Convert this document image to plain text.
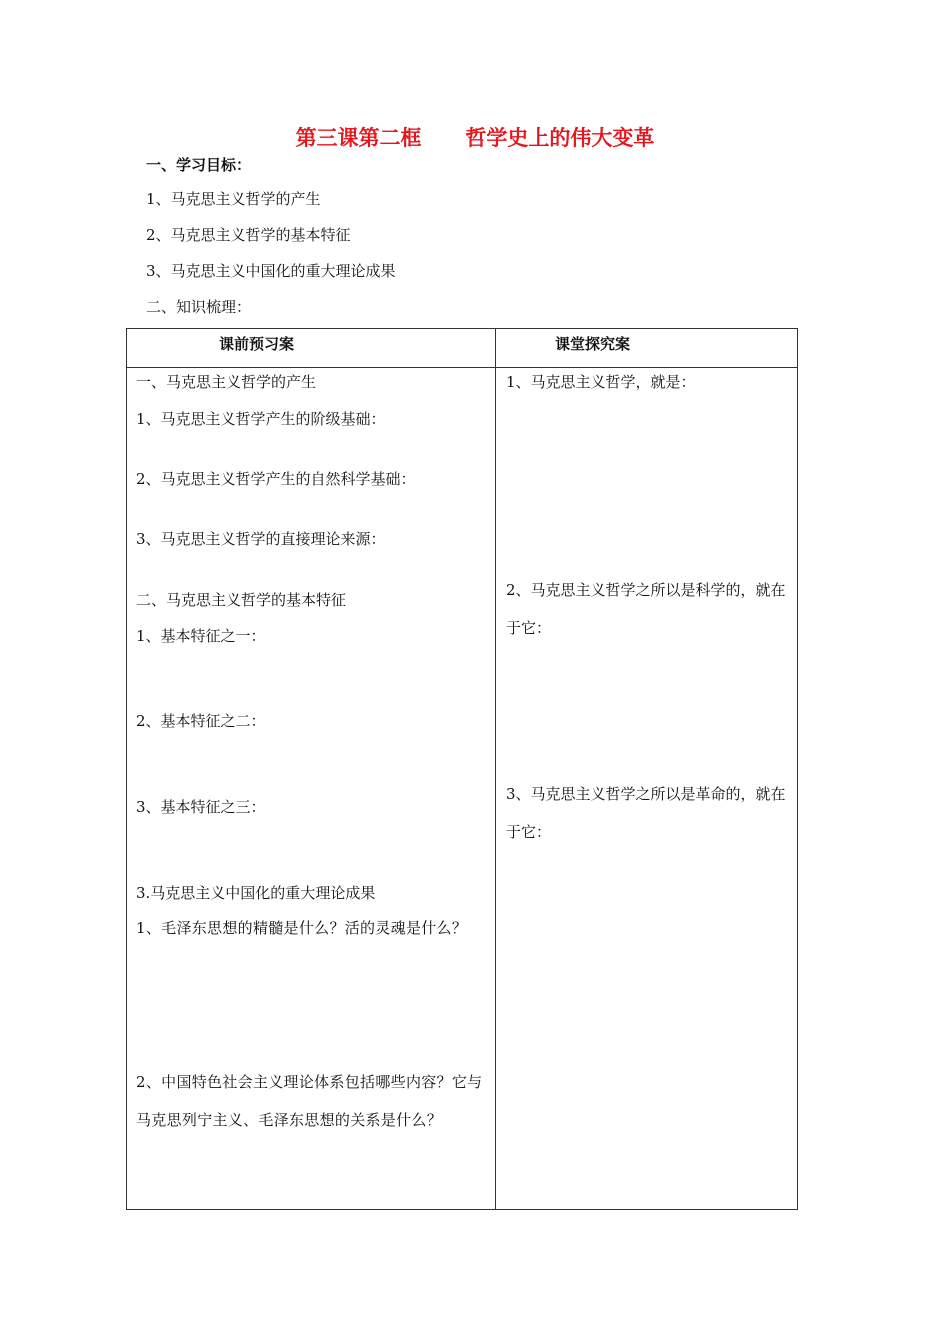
第三课第二框      哲学史上的伟大变革
一、学习目标：
1、马克思主义哲学的产生
2、马克思主义哲学的基本特征
3、马克思主义中国化的重大理论成果
二、知识梳理：
课前预习案	课堂探究案
一、马克思主义哲学的产生
1、马克思主义哲学产生的阶级基础：
2、马克思主义哲学产生的自然科学基础：
3、马克思主义哲学的直接理论来源：
二、马克思主义哲学的基本特征
1、基本特征之一：
2、基本特征之二：
3、基本特征之三：
3.马克思主义中国化的重大理论成果
1、毛泽东思想的精髓是什么？活的灵魂是什么？
2、中国特色社会主义理论体系包括哪些内容？它与马克思列宁主义、毛泽东思想的关系是什么？
1、马克思主义哲学，就是：
2、马克思主义哲学之所以是科学的，就在于它：
3、马克思主义哲学之所以是革命的，就在于它：
